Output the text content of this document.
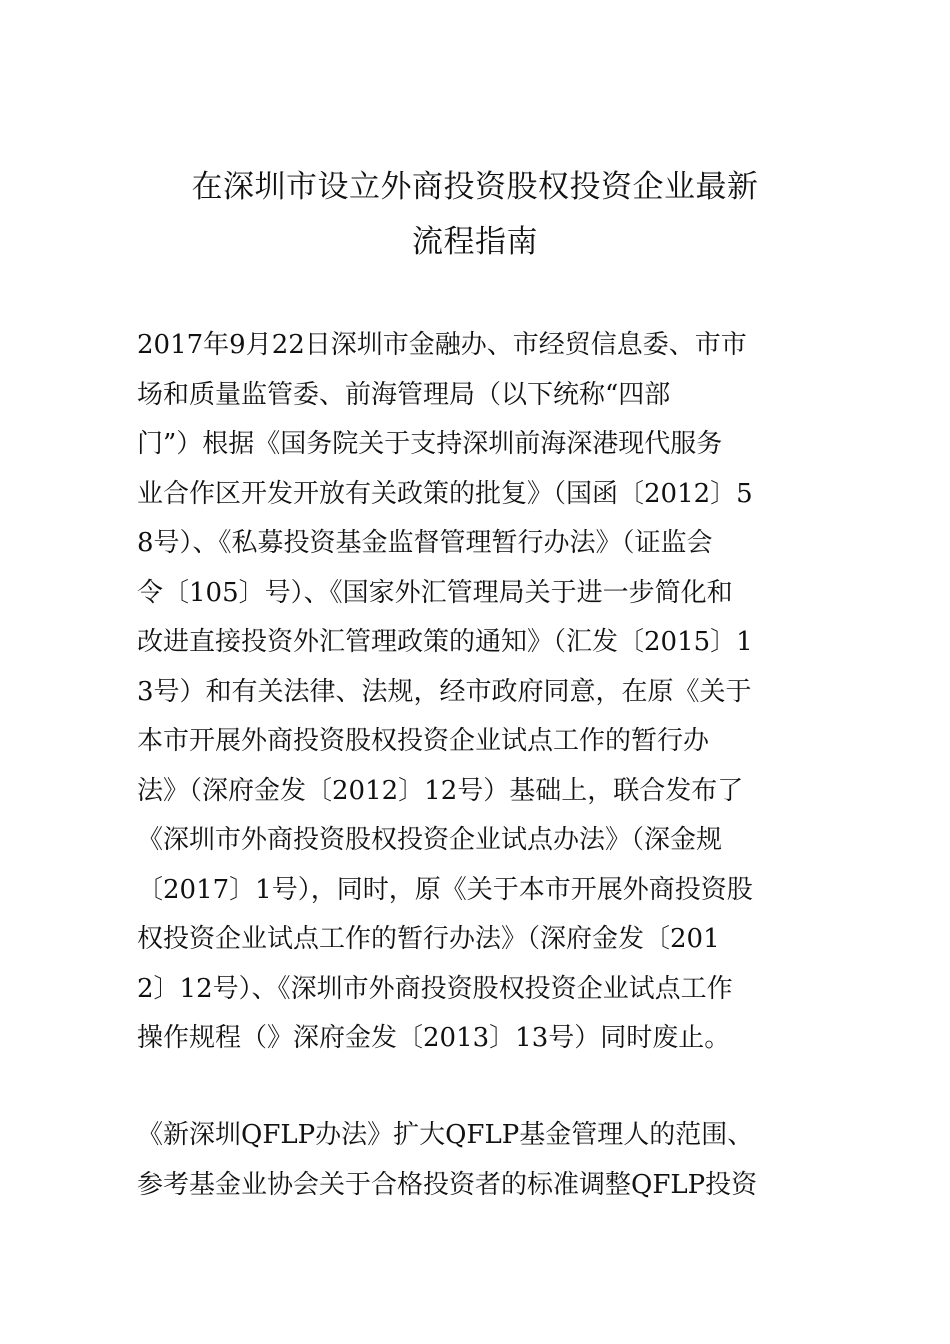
在深圳市设立外商投资股权投资企业最新
流程指南

2017年9月22日深圳市金融办、市经贸信息委、市市
场和质量监管委、前海管理局（以下统称“四部
门”）根据《国务院关于支持深圳前海深港现代服务
业合作区开发开放有关政策的批复》（国函〔2012〕5
8号）、《私募投资基金监督管理暂行办法》（证监会
令〔105〕号）、《国家外汇管理局关于进一步简化和
改进直接投资外汇管理政策的通知》（汇发〔2015〕1
3号）和有关法律、法规，经市政府同意，在原《关于
本市开展外商投资股权投资企业试点工作的暂行办
法》（深府金发〔2012〕12号）基础上，联合发布了
《深圳市外商投资股权投资企业试点办法》（深金规
〔2017〕1号），同时，原《关于本市开展外商投资股
权投资企业试点工作的暂行办法》（深府金发〔201
2〕12号）、《深圳市外商投资股权投资企业试点工作
操作规程（》深府金发〔2013〕13号）同时废止。

《新深圳QFLP办法》扩大QFLP基金管理人的范围、
参考基金业协会关于合格投资者的标准调整QFLP投资
